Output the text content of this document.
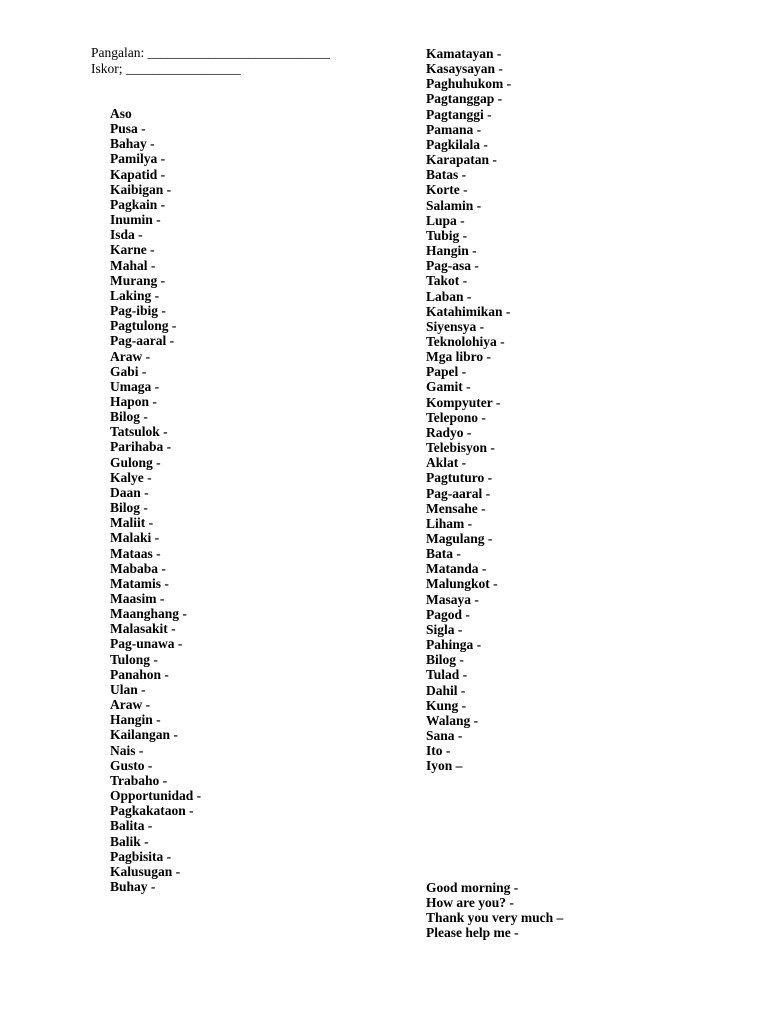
Pangalan: ___________________________
Iskor; _________________
Aso
Pusa -
Bahay -
Pamilya -
Kapatid -
Kaibigan -
Pagkain -
Inumin -
Isda -
Karne -
Mahal -
Murang -
Laking -
Pag-ibig -
Pagtulong -
Pag-aaral -
Araw -
Gabi -
Umaga -
Hapon -
Bilog -
Tatsulok -
Parihaba -
Gulong -
Kalye -
Daan -
Bilog -
Maliit -
Malaki -
Mataas -
Mababa -
Matamis -
Maasim -
Maanghang -
Malasakit -
Pag-unawa -
Tulong -
Panahon -
Ulan -
Araw -
Hangin -
Kailangan -
Nais -
Gusto -
Trabaho -
Opportunidad -
Pagkakataon -
Balita -
Balik -
Pagbisita -
Kalusugan -
Buhay -
Kamatayan -
Kasaysayan -
Paghuhukom -
Pagtanggap -
Pagtanggi -
Pamana -
Pagkilala -
Karapatan -
Batas -
Korte -
Salamin -
Lupa -
Tubig -
Hangin -
Pag-asa -
Takot -
Laban -
Katahimikan -
Siyensya -
Teknolohiya -
Mga libro -
Papel -
Gamit -
Kompyuter -
Telepono -
Radyo -
Telebisyon -
Aklat -
Pagtuturo -
Pag-aaral -
Mensahe -
Liham -
Magulang -
Bata -
Matanda -
Malungkot -
Masaya -
Pagod -
Sigla -
Pahinga -
Bilog -
Tulad -
Dahil -
Kung -
Walang -
Sana -
Ito -
Iyon –
Good morning -
How are you? -
Thank you very much –
Please help me -
